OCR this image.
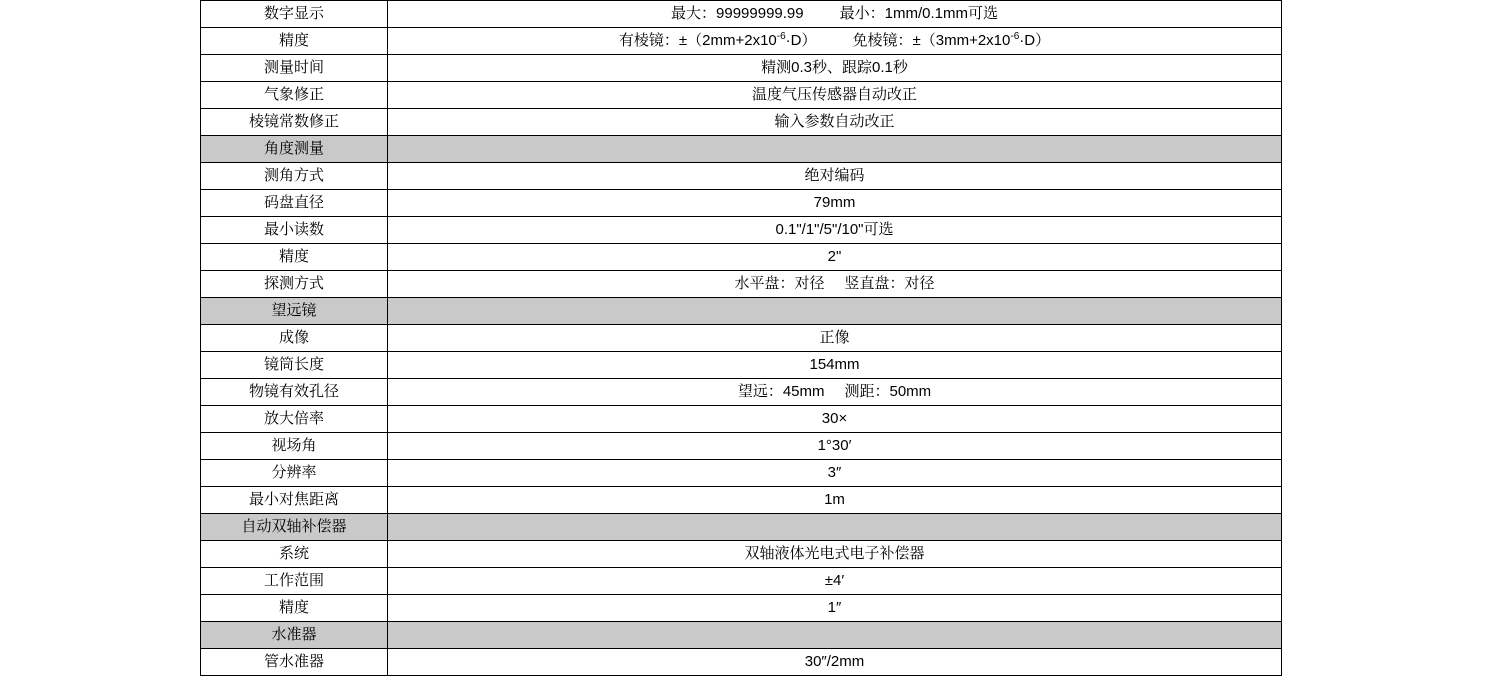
数字显示	最大：99999999.99 最小：1mm/0.1mm可选
精度	有棱镜：$\pm(2mm+2x10^{-6}\cdot D)$ 免棱镜：$\pm(3mm+2x10^{-6}\cdot D)$
测量时间	精测0.3秒、跟踪0.1秒
气象修正	温度气压传感器自动改正
棱镜常数修正	输入参数自动改正
角度测量	
测角方式	绝对编码
码盘直径	79mm
最小读数	0.1"/1"/5"/10"可选
精度	2"
探测方式	水平盘：对径 竖直盘：对径
望远镜	
成像	正像
镜筒长度	154mm
物镜有效孔径	望远：45mm 测距：50mm
放大倍率	30×
视场角	1°30′
分辨率	3″
最小对焦距离	1m
自动双轴补偿器	
系统	双轴液体光电式电子补偿器
工作范围	±4′
精度	1″
水准器	
管水准器	30″/2mm
